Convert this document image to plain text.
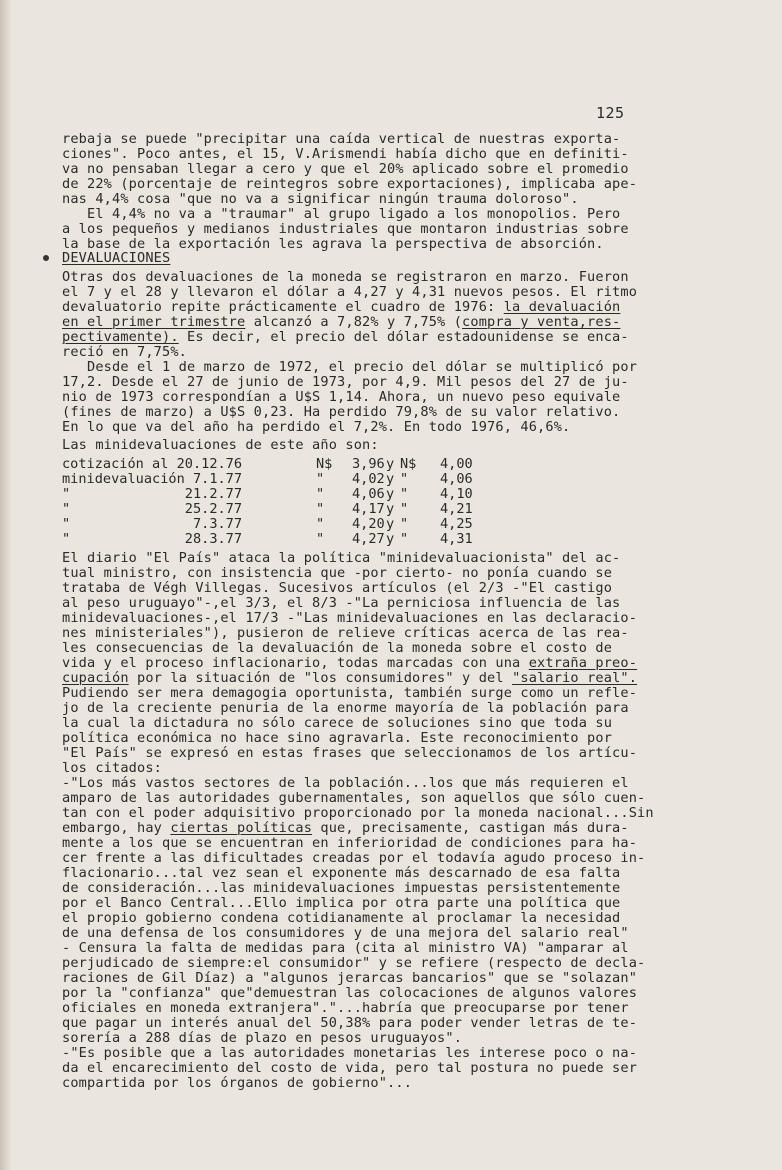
125
rebaja se puede "precipitar una caída vertical de nuestras exporta-
ciones". Poco antes, el 15, V.Arismendi había dicho que en definiti-
va no pensaban llegar a cero y que el 20% aplicado sobre el promedio
de 22% (porcentaje de reintegros sobre exportaciones), implicaba ape-
nas 4,4% cosa "que no va a significar ningún trauma doloroso".
El 4,4% no va a "traumar" al grupo ligado a los monopolios. Pero
a los pequeños y medianos industriales que montaron industrias sobre
la base de la exportación les agrava la perspectiva de absorción.
DEVALUACIONES
Otras dos devaluaciones de la moneda se registraron en marzo. Fueron
el 7 y el 28 y llevaron el dólar a 4,27 y 4,31 nuevos pesos. El ritmo
devaluatorio repite prácticamente el cuadro de 1976: la devaluación
en el primer trimestre alcanzó a 7,82% y 7,75% (compra y venta,res-
pectivamente). Es decir, el precio del dólar estadounidense se enca-
reció en 7,75%.
Desde el 1 de marzo de 1972, el precio del dólar se multiplicó por
17,2. Desde el 27 de junio de 1973, por 4,9. Mil pesos del 27 de ju-
nio de 1973 correspondían a U$S 1,14. Ahora, un nuevo peso equivale
(fines de marzo) a U$S 0,23. Ha perdido 79,8% de su valor relativo.
En lo que va del año ha perdido el 7,2%. En todo 1976, 46,6%.
Las minidevaluaciones de este año son:
cotización al 20.12.76	N$ 3,96 y N$ 4,00
minidevaluación 7.1.77	" 4,02 y " 4,06
"              21.2.77	" 4,06 y " 4,10
"              25.2.77	" 4,17 y " 4,21
"               7.3.77	" 4,20 y " 4,25
"              28.3.77	" 4,27 y " 4,31
El diario "El País" ataca la política "minidevaluacionista" del ac-
tual ministro, con insistencia que -por cierto- no ponía cuando se
trataba de Végh Villegas. Sucesivos artículos (el 2/3 -"El castigo
al peso uruguayo"-,el 3/3, el 8/3 -"La perniciosa influencia de las
minidevaluaciones-,el 17/3 -"Las minidevaluaciones en las declaracio-
nes ministeriales"), pusieron de relieve críticas acerca de las rea-
les consecuencias de la devaluación de la moneda sobre el costo de
vida y el proceso inflacionario, todas marcadas con una extraña preo-
cupación por la situación de "los consumidores" y del "salario real".
Pudiendo ser mera demagogia oportunista, también surge como un refle-
jo de la creciente penuria de la enorme mayoría de la población para
la cual la dictadura no sólo carece de soluciones sino que toda su
política económica no hace sino agravarla. Este reconocimiento por
"El País" se expresó en estas frases que seleccionamos de los artícu-
los citados:
-"Los más vastos sectores de la población...los que más requieren el
amparo de las autoridades gubernamentales, son aquellos que sólo cuen-
tan con el poder adquisitivo proporcionado por la moneda nacional...Sin
embargo, hay ciertas políticas que, precisamente, castigan más dura-
mente a los que se encuentran en inferioridad de condiciones para ha-
cer frente a las dificultades creadas por el todavía agudo proceso in-
flacionario...tal vez sean el exponente más descarnado de esa falta
de consideración...las minidevaluaciones impuestas persistentemente
por el Banco Central...Ello implica por otra parte una política que
el propio gobierno condena cotidianamente al proclamar la necesidad
de una defensa de los consumidores y de una mejora del salario real"
- Censura la falta de medidas para (cita al ministro VA) "amparar al
perjudicado de siempre:el consumidor" y se refiere (respecto de decla-
raciones de Gil Díaz) a "algunos jerarcas bancarios" que se "solazan"
por la "confianza" que"demuestran las colocaciones de algunos valores
oficiales en moneda extranjera"."...habría que preocuparse por tener
que pagar un interés anual del 50,38% para poder vender letras de te-
sorería a 288 días de plazo en pesos uruguayos".
-"Es posible que a las autoridades monetarias les interese poco o na-
da el encarecimiento del costo de vida, pero tal postura no puede ser
compartida por los órganos de gobierno"...
